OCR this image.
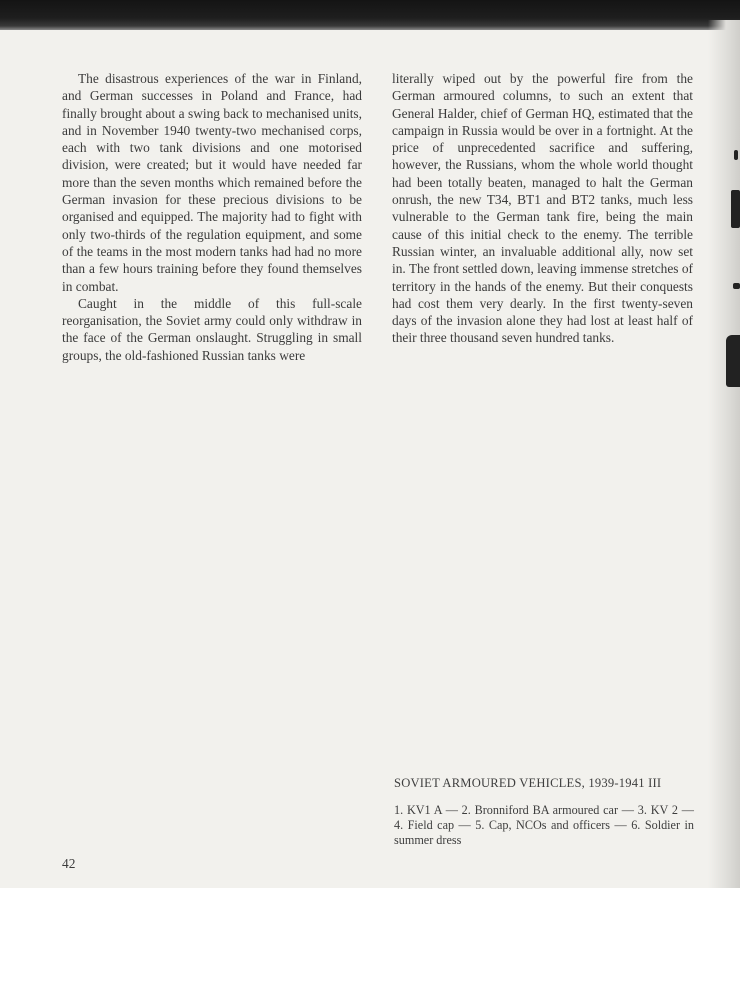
The disastrous experiences of the war in Finland, and German successes in Poland and France, had finally brought about a swing back to mechanised units, and in November 1940 twenty-two mechanised corps, each with two tank divisions and one motorised division, were created; but it would have needed far more than the seven months which remained before the German invasion for these precious divisions to be organised and equipped. The majority had to fight with only two-thirds of the regulation equipment, and some of the teams in the most modern tanks had had no more than a few hours training before they found themselves in combat.

Caught in the middle of this full-scale reorganisation, the Soviet army could only withdraw in the face of the German onslaught. Struggling in small groups, the old-fashioned Russian tanks were

literally wiped out by the powerful fire from the German armoured columns, to such an extent that General Halder, chief of German HQ, estimated that the campaign in Russia would be over in a fortnight. At the price of unprecedented sacrifice and suffering, however, the Russians, whom the whole world thought had been totally beaten, managed to halt the German onrush, the new T34, BT1 and BT2 tanks, much less vulnerable to the German tank fire, being the main cause of this initial check to the enemy. The terrible Russian winter, an invaluable additional ally, now set in. The front settled down, leaving immense stretches of territory in the hands of the enemy. But their conquests had cost them very dearly. In the first twenty-seven days of the invasion alone they had lost at least half of their three thousand seven hundred tanks.

SOVIET ARMOURED VEHICLES, 1939-1941 III

1. KV1 A — 2. Bronniford BA armoured car — 3. KV 2 — 4. Field cap — 5. Cap, NCOs and officers — 6. Soldier in summer dress

42
